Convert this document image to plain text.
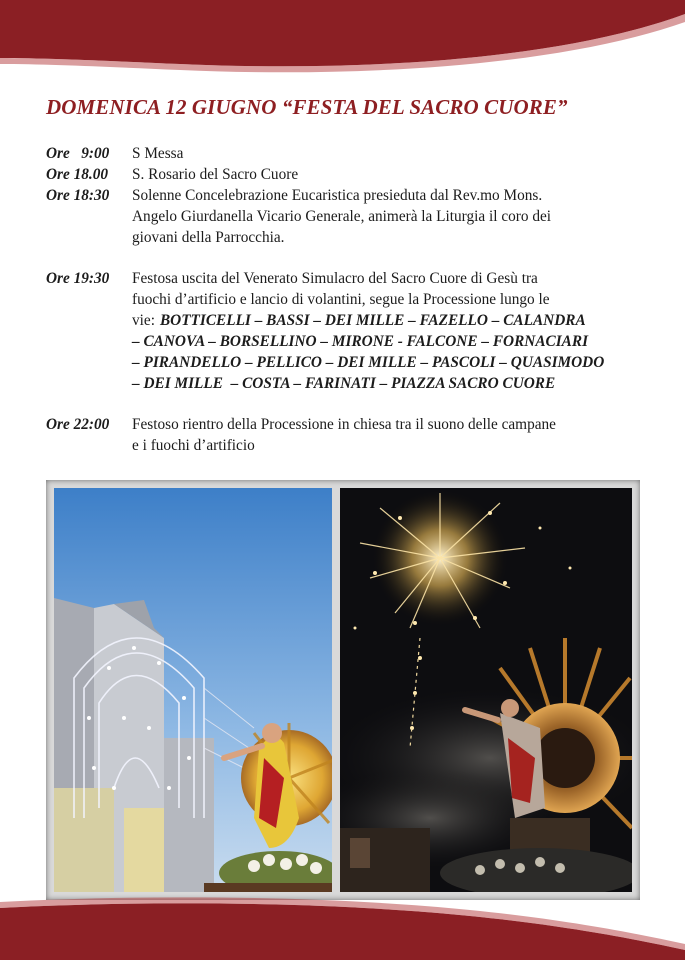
DOMENICA 12 GIUGNO “FESTA DEL SACRO CUORE”
Ore   9:00	S Messa
Ore 18.00	S. Rosario del Sacro Cuore
Ore 18:30	Solenne Concelebrazione Eucaristica presieduta dal Rev.mo Mons.
Angelo Giurdanella Vicario Generale, animerà la Liturgia il coro dei
giovani della Parrocchia.
Ore 19:30	Festosa uscita del Venerato Simulacro del Sacro Cuore di Gesù tra
fuochi d’artificio e lancio di volantini, segue la Processione lungo le
vie: BOTTICELLI – BASSI – DEI MILLE – FAZELLO – CALANDRA
– CANOVA – BORSELLINO – MIRONE - FALCONE – FORNACIARI
– PIRANDELLO – PELLICO – DEI MILLE – PASCOLI – QUASIMODO
– DEI MILLE  – COSTA – FARINATI – PIAZZA SACRO CUORE
Ore 22:00	Festoso rientro della Processione in chiesa tra il suono delle campane
e i fuochi d’artificio
